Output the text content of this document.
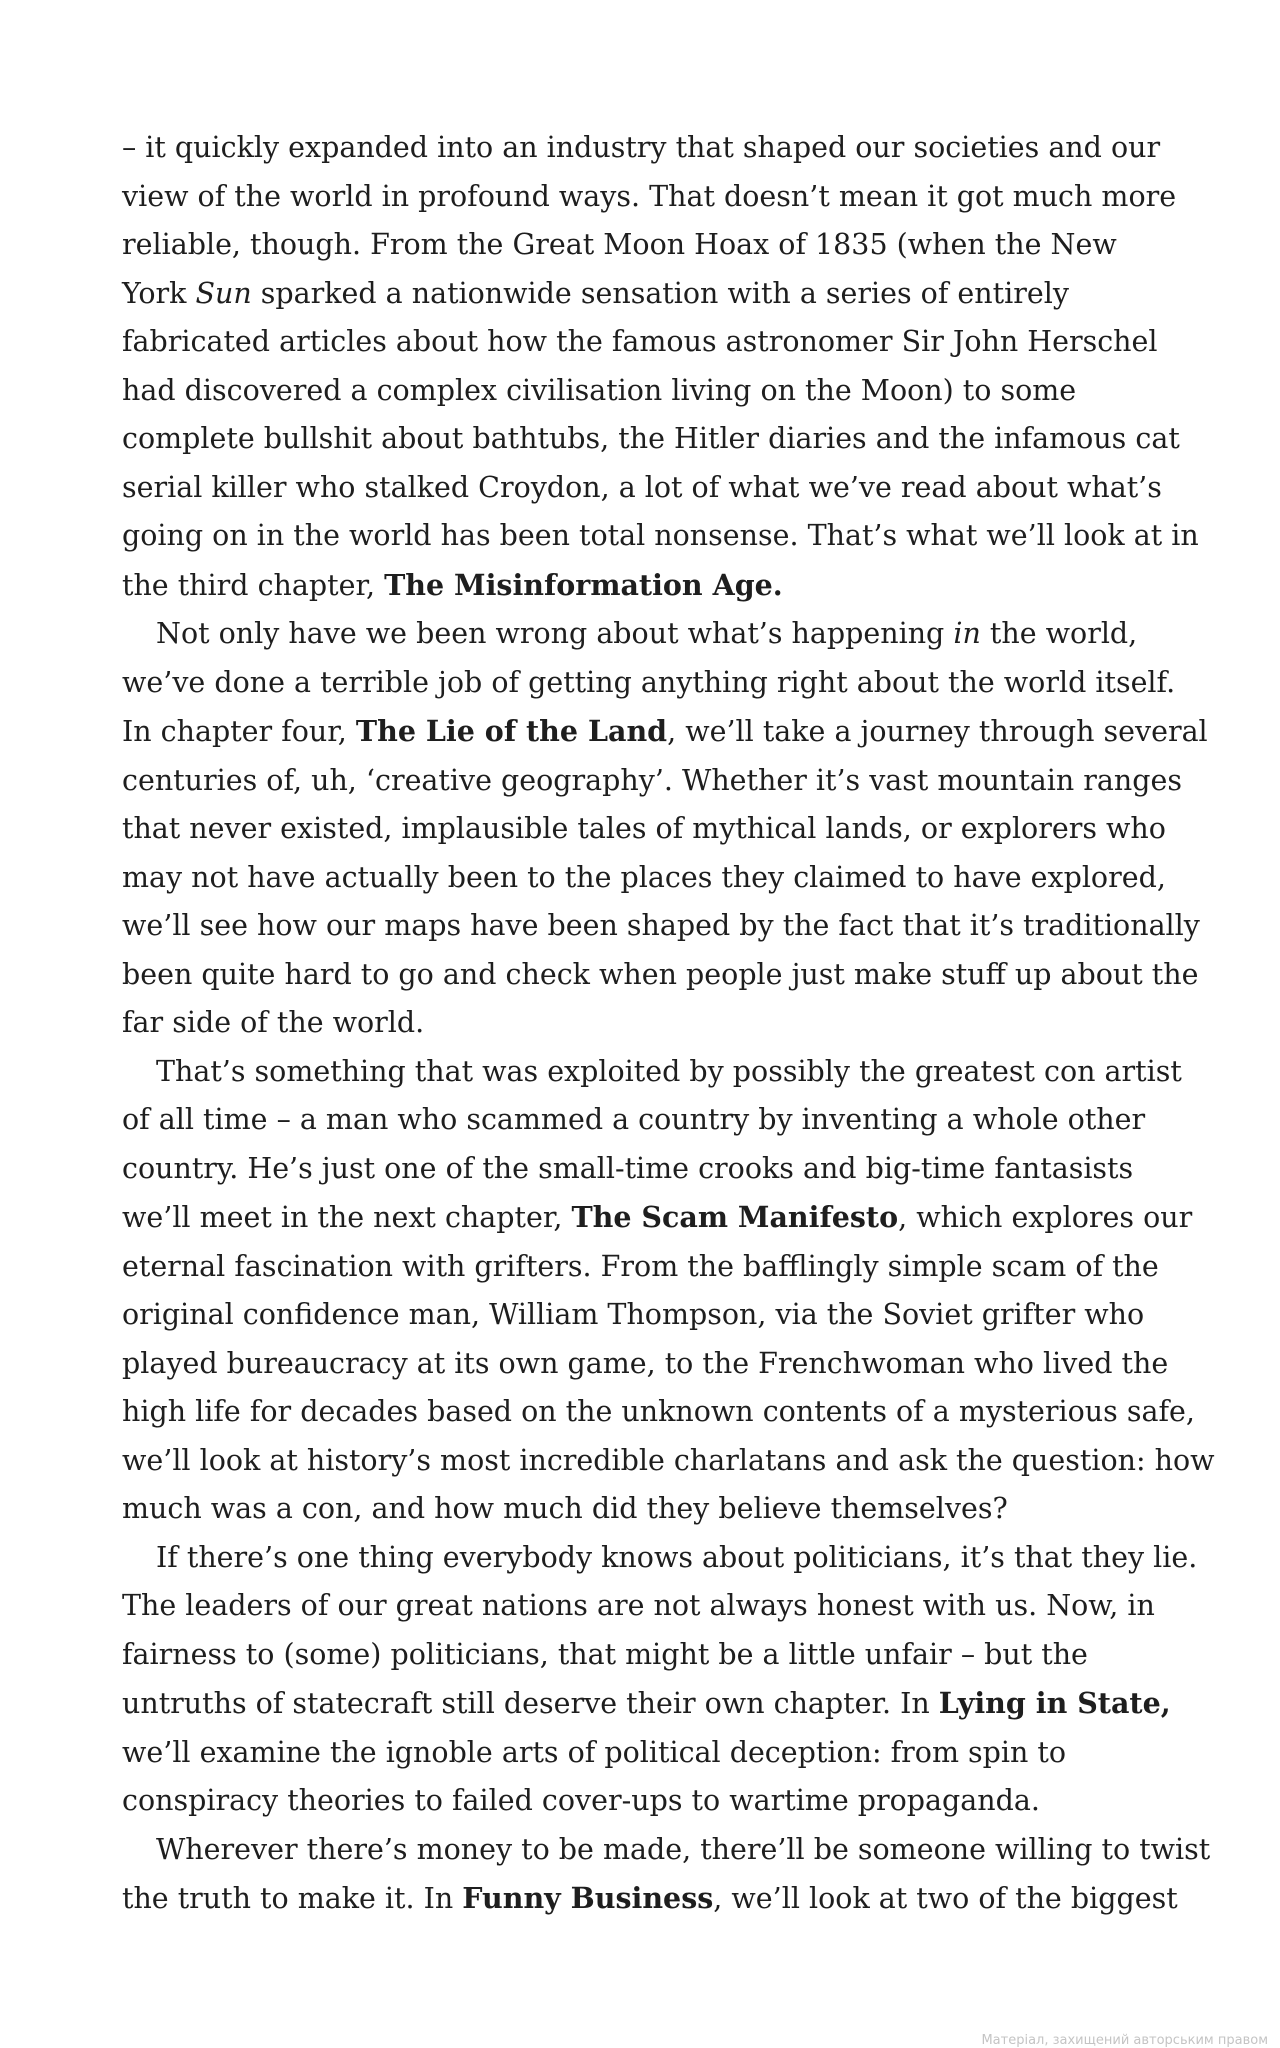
– it quickly expanded into an industry that shaped our societies and our
view of the world in profound ways. That doesn’t mean it got much more
reliable, though. From the Great Moon Hoax of 1835 (when the New
York Sun sparked a nationwide sensation with a series of entirely
fabricated articles about how the famous astronomer Sir John Herschel
had discovered a complex civilisation living on the Moon) to some
complete bullshit about bathtubs, the Hitler diaries and the infamous cat
serial killer who stalked Croydon, a lot of what we’ve read about what’s
going on in the world has been total nonsense. That’s what we’ll look at in
the third chapter, The Misinformation Age.

Not only have we been wrong about what’s happening in the world,
we’ve done a terrible job of getting anything right about the world itself.
In chapter four, The Lie of the Land, we’ll take a journey through several
centuries of, uh, ‘creative geography’. Whether it’s vast mountain ranges
that never existed, implausible tales of mythical lands, or explorers who
may not have actually been to the places they claimed to have explored,
we’ll see how our maps have been shaped by the fact that it’s traditionally
been quite hard to go and check when people just make stuff up about the
far side of the world.

That’s something that was exploited by possibly the greatest con artist
of all time – a man who scammed a country by inventing a whole other
country. He’s just one of the small-time crooks and big-time fantasists
we’ll meet in the next chapter, The Scam Manifesto, which explores our
eternal fascination with grifters. From the bafflingly simple scam of the
original confidence man, William Thompson, via the Soviet grifter who
played bureaucracy at its own game, to the Frenchwoman who lived the
high life for decades based on the unknown contents of a mysterious safe,
we’ll look at history’s most incredible charlatans and ask the question: how
much was a con, and how much did they believe themselves?

If there’s one thing everybody knows about politicians, it’s that they lie.
The leaders of our great nations are not always honest with us. Now, in
fairness to (some) politicians, that might be a little unfair – but the
untruths of statecraft still deserve their own chapter. In Lying in State,
we’ll examine the ignoble arts of political deception: from spin to
conspiracy theories to failed cover-ups to wartime propaganda.

Wherever there’s money to be made, there’ll be someone willing to twist
the truth to make it. In Funny Business, we’ll look at two of the biggest

Матеріал, захищений авторським правом
